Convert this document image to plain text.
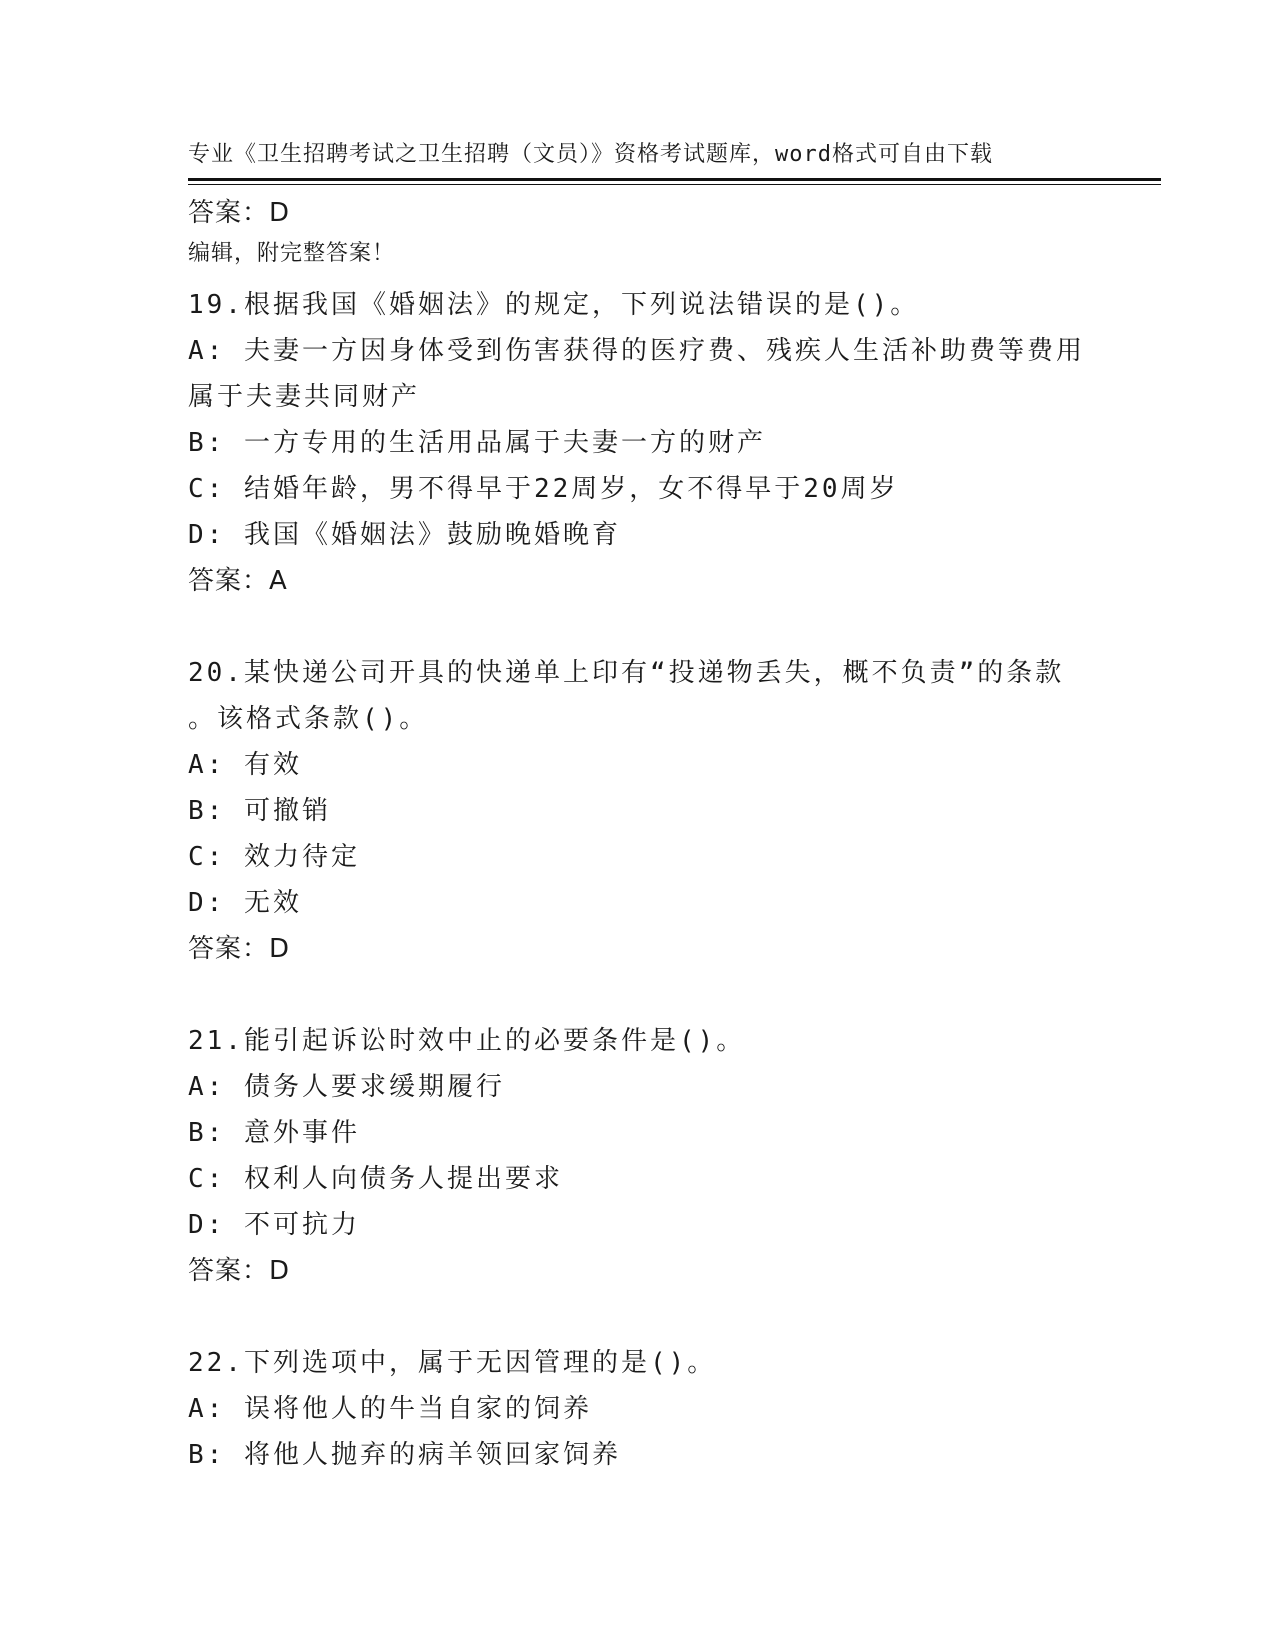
专业《卫生招聘考试之卫生招聘（文员）》资格考试题库，word格式可自由下载

编辑，附完整答案！

答案：D
19.根据我国《婚姻法》的规定，下列说法错误的是()。
A: 夫妻一方因身体受到伤害获得的医疗费、残疾人生活补助费等费用
属于夫妻共同财产
B: 一方专用的生活用品属于夫妻一方的财产
C: 结婚年龄，男不得早于22周岁，女不得早于20周岁
D: 我国《婚姻法》鼓励晚婚晚育
答案：A
20.某快递公司开具的快递单上印有“投递物丢失，概不负责”的条款
。该格式条款()。
A: 有效
B: 可撤销
C: 效力待定
D: 无效
答案：D
21.能引起诉讼时效中止的必要条件是()。
A: 债务人要求缓期履行
B: 意外事件
C: 权利人向债务人提出要求
D: 不可抗力
答案：D
22.下列选项中，属于无因管理的是()。
A: 误将他人的牛当自家的饲养
B: 将他人抛弃的病羊领回家饲养
